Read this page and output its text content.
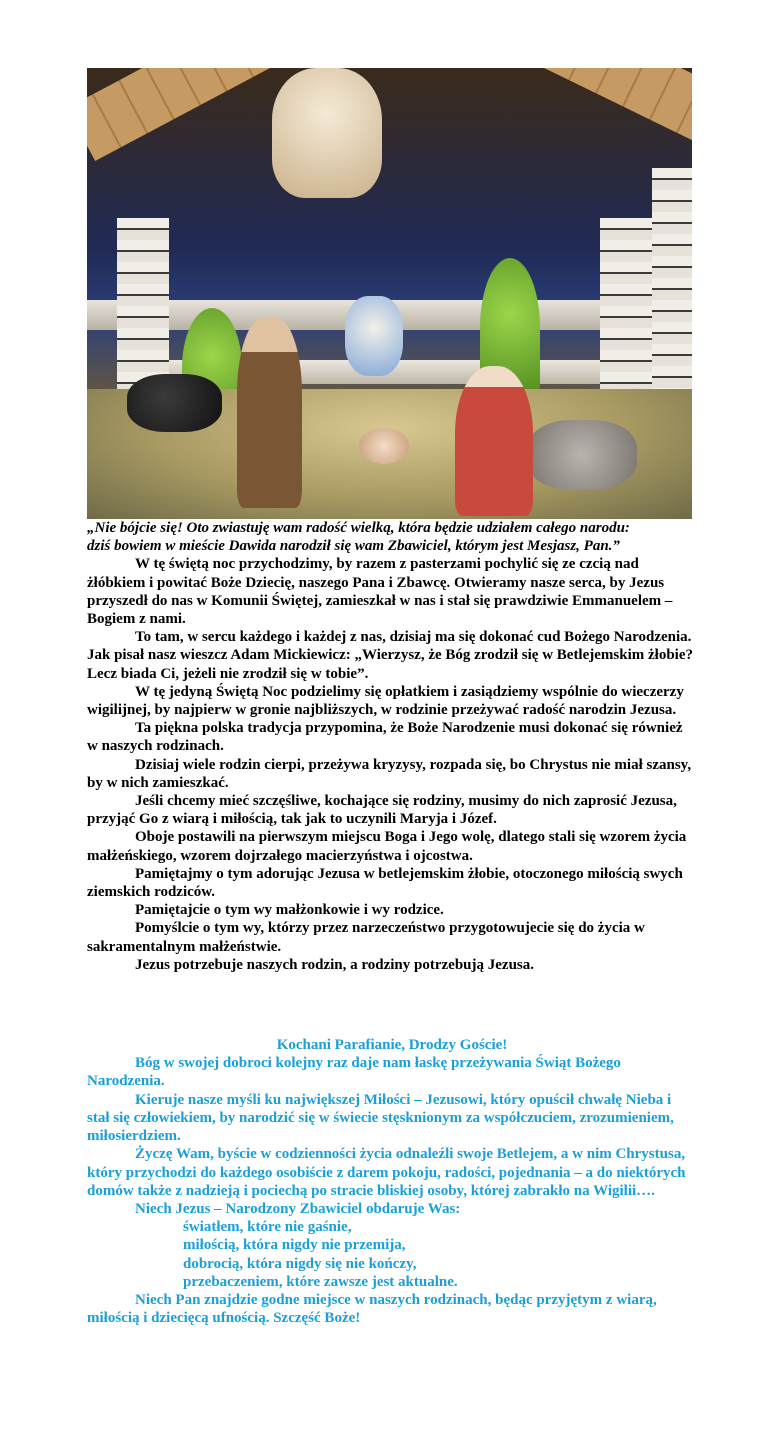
„Nie bójcie się! Oto zwiastuję wam radość wielką, która będzie udziałem całego narodu:

dziś bowiem w mieście Dawida narodził się wam Zbawiciel, którym jest Mesjasz, Pan.”

W tę świętą noc przychodzimy, by razem z pasterzami pochylić się ze czcią nad żłóbkiem i powitać Boże Dziecię, naszego Pana i Zbawcę. Otwieramy nasze serca, by Jezus przyszedł do nas w Komunii Świętej, zamieszkał w nas i stał się prawdziwie Emmanuelem – Bogiem z nami.

To tam, w sercu każdego i każdej z nas, dzisiaj ma się dokonać cud Bożego Narodzenia. Jak pisał nasz wieszcz Adam Mickiewicz: „Wierzysz, że Bóg zrodził się w Betlejemskim żłobie? Lecz biada Ci, jeżeli nie zrodził się w tobie”.

W tę jedyną Świętą Noc podzielimy się opłatkiem i zasiądziemy wspólnie do wieczerzy wigilijnej, by najpierw w gronie najbliższych, w rodzinie przeżywać radość narodzin Jezusa.

Ta piękna polska tradycja przypomina, że Boże Narodzenie musi dokonać się również w naszych rodzinach.

Dzisiaj wiele rodzin cierpi, przeżywa kryzysy, rozpada się, bo Chrystus nie miał szansy, by w nich zamieszkać.

Jeśli chcemy mieć szczęśliwe, kochające się rodziny, musimy do nich zaprosić Jezusa, przyjąć Go z wiarą i miłością, tak jak to uczynili Maryja i Józef.

Oboje postawili na pierwszym miejscu Boga i Jego wolę, dlatego stali się wzorem życia małżeńskiego, wzorem dojrzałego macierzyństwa i ojcostwa.

Pamiętajmy o tym adorując Jezusa w betlejemskim żłobie, otoczonego miłością swych ziemskich rodziców.

Pamiętajcie o tym wy małżonkowie i wy rodzice.

Pomyślcie o tym wy, którzy przez narzeczeństwo przygotowujecie się do życia w sakramentalnym małżeństwie.

Jezus potrzebuje naszych rodzin, a rodziny potrzebują Jezusa.

Kochani Parafianie, Drodzy Goście!

Bóg w swojej dobroci kolejny raz daje nam łaskę przeżywania Świąt Bożego Narodzenia.

Kieruje nasze myśli ku największej Miłości – Jezusowi, który opuścił chwałę Nieba i stał się człowiekiem, by narodzić się w świecie stęsknionym za współczuciem, zrozumieniem, miłosierdziem.

Życzę Wam, byście w codzienności życia odnaleźli swoje Betlejem, a w nim Chrystusa, który przychodzi do każdego osobiście z darem pokoju, radości, pojednania – a do niektórych domów także z nadzieją i pociechą po stracie bliskiej osoby, której zabrakło na Wigilii….

Niech Jezus – Narodzony Zbawiciel obdaruje Was:

światłem, które nie gaśnie,

miłością, która nigdy nie przemija,

dobrocią, która nigdy się nie kończy,

przebaczeniem, które zawsze jest aktualne.

Niech Pan znajdzie godne miejsce w naszych rodzinach, będąc przyjętym z wiarą, miłością i dziecięcą ufnością. Szczęść Boże!
